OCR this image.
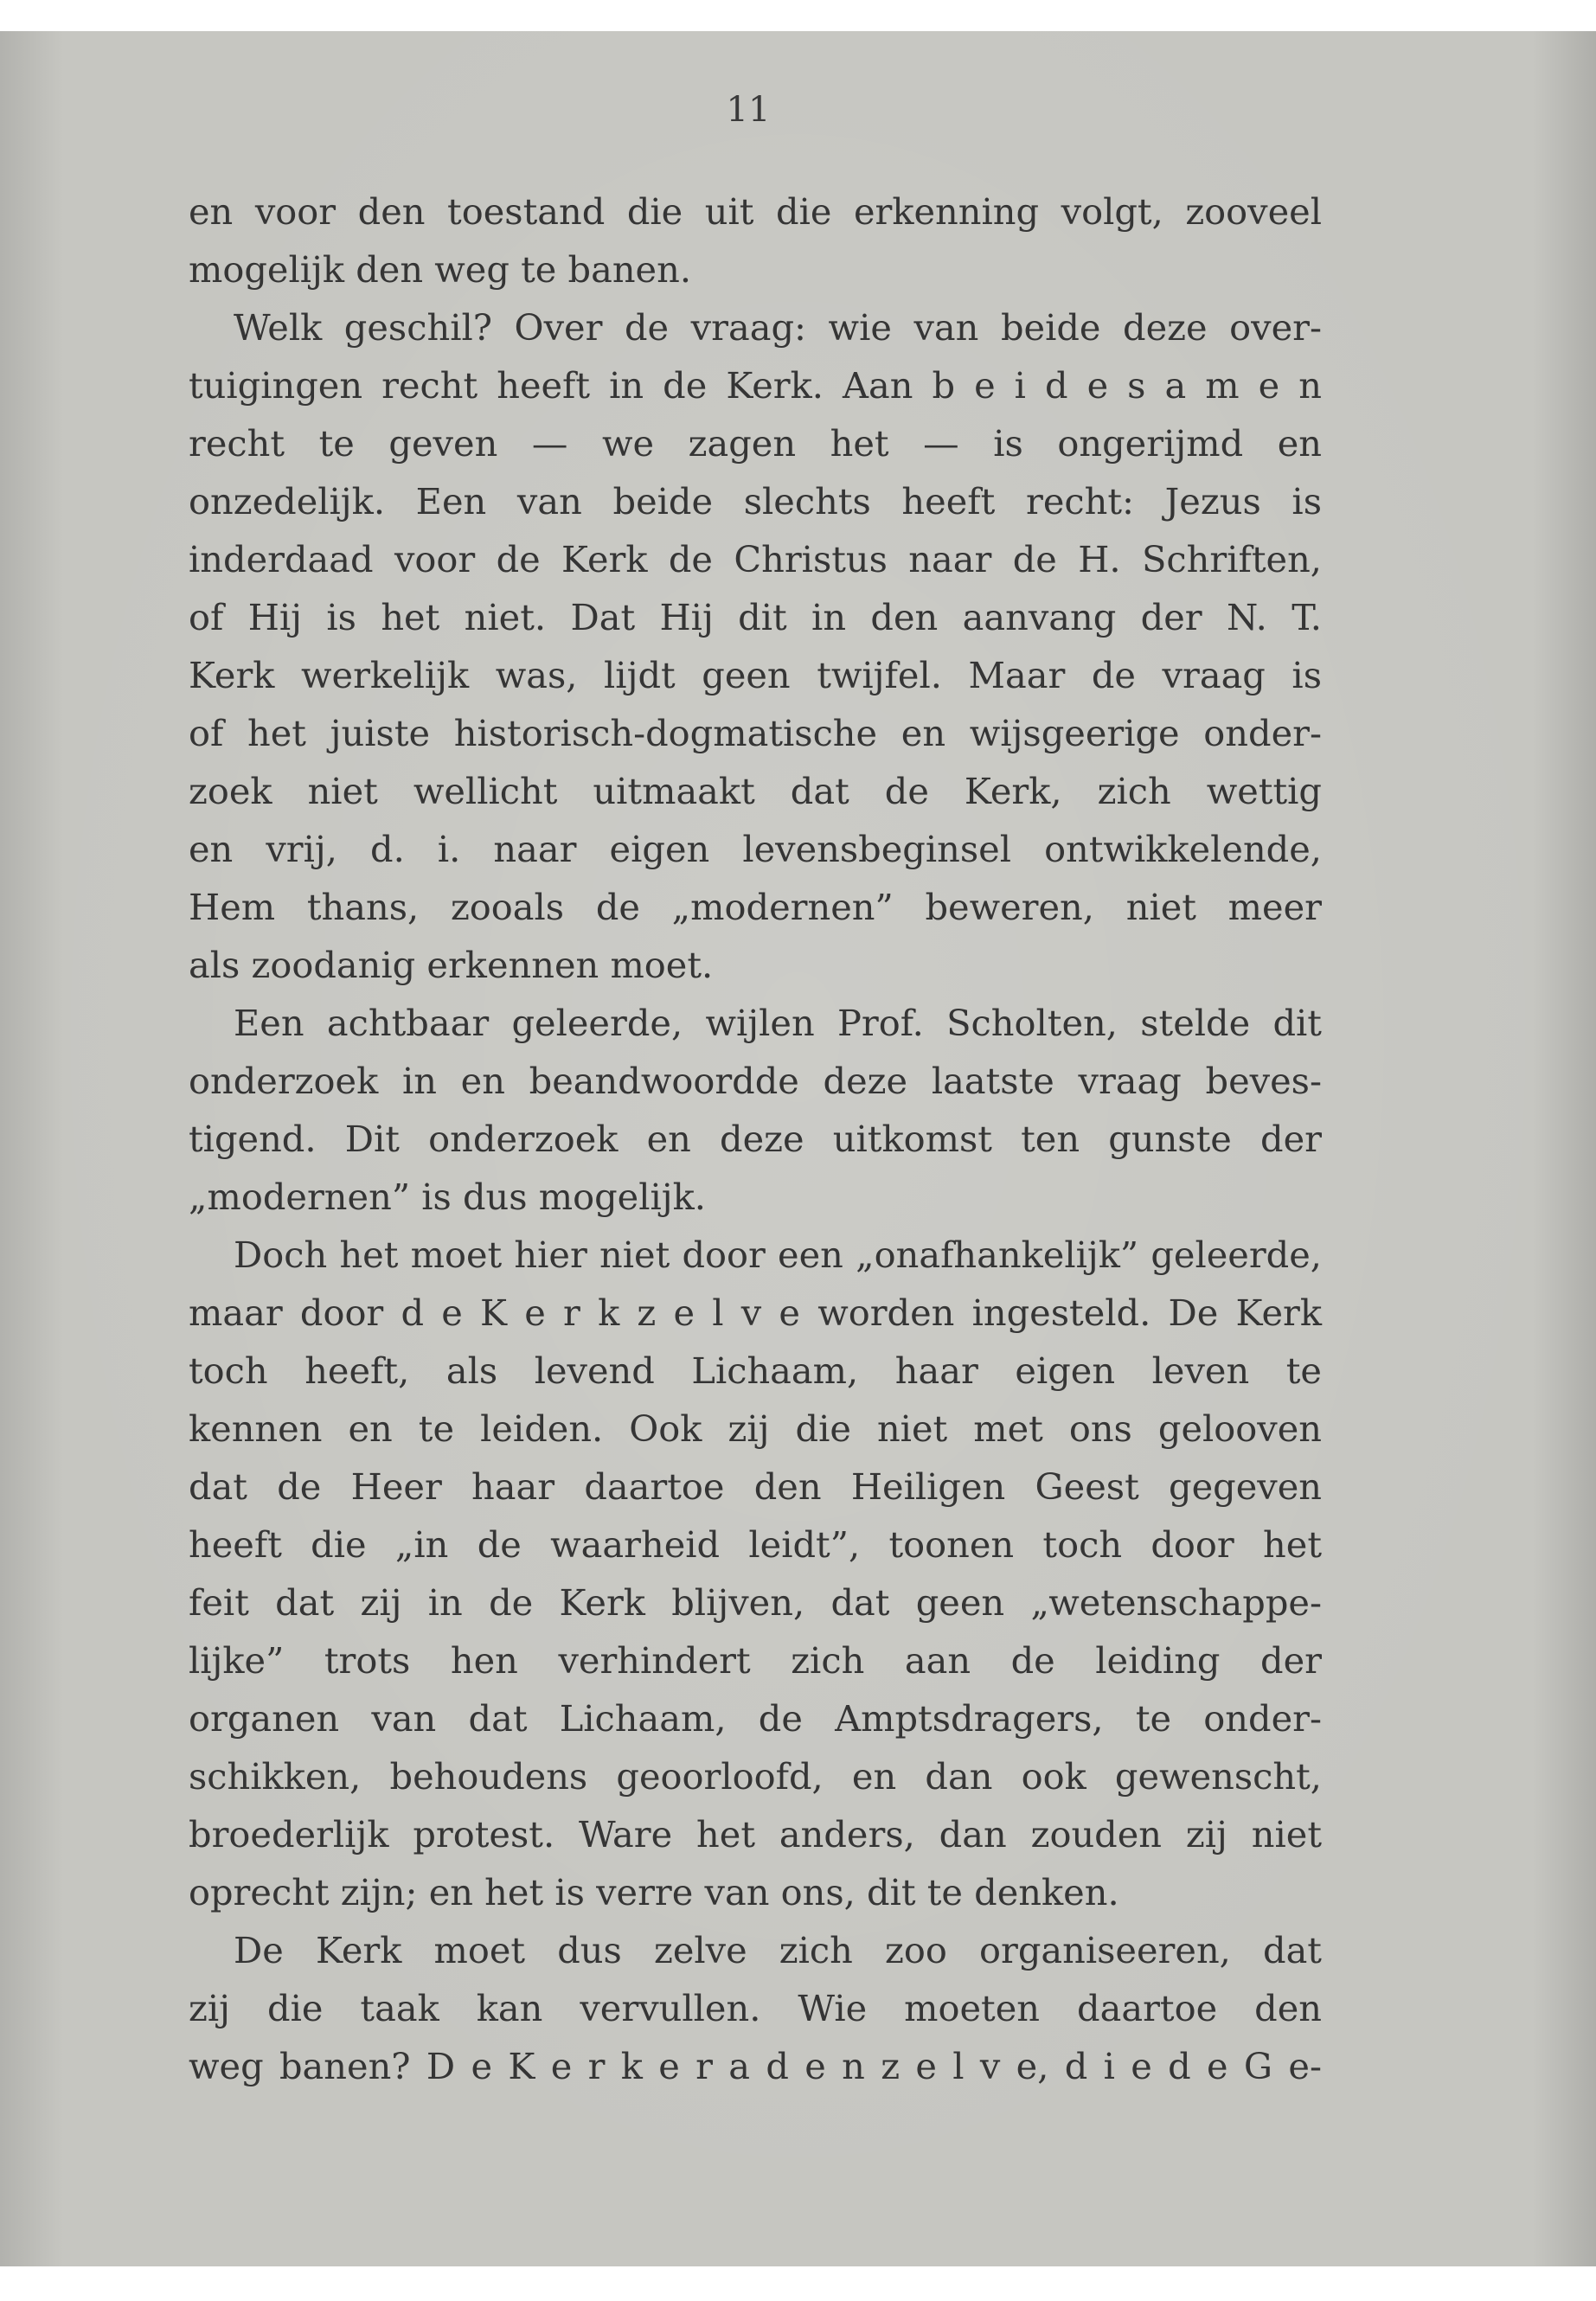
11
en voor den toestand die uit die erkenning volgt, zooveel
mogelijk den weg te banen.
Welk geschil? Over de vraag: wie van beide deze over-
tuigingen recht heeft in de Kerk. Aan b e i d e s a m e n
recht te geven — we zagen het — is ongerijmd en
onzedelijk. Een van beide slechts heeft recht: Jezus is
inderdaad voor de Kerk de Christus naar de H. Schriften,
of Hij is het niet. Dat Hij dit in den aanvang der N. T.
Kerk werkelijk was, lijdt geen twijfel. Maar de vraag is
of het juiste historisch-dogmatische en wijsgeerige onder-
zoek niet wellicht uitmaakt dat de Kerk, zich wettig
en vrij, d. i. naar eigen levensbeginsel ontwikkelende,
Hem thans, zooals de „modernen” beweren, niet meer
als zoodanig erkennen moet.
Een achtbaar geleerde, wijlen Prof. Scholten, stelde dit
onderzoek in en beandwoordde deze laatste vraag beves-
tigend. Dit onderzoek en deze uitkomst ten gunste der
„modernen” is dus mogelijk.
Doch het moet hier niet door een „onafhankelijk” geleerde,
maar door d e K e r k z e l v e worden ingesteld. De Kerk
toch heeft, als levend Lichaam, haar eigen leven te
kennen en te leiden. Ook zij die niet met ons gelooven
dat de Heer haar daartoe den Heiligen Geest gegeven
heeft die „in de waarheid leidt”, toonen toch door het
feit dat zij in de Kerk blijven, dat geen „wetenschappe-
lijke” trots hen verhindert zich aan de leiding der
organen van dat Lichaam, de Amptsdragers, te onder-
schikken, behoudens geoorloofd, en dan ook gewenscht,
broederlijk protest. Ware het anders, dan zouden zij niet
oprecht zijn; en het is verre van ons, dit te denken.
De Kerk moet dus zelve zich zoo organiseeren, dat
zij die taak kan vervullen. Wie moeten daartoe den
weg banen? D e K e r k e r a d e n z e l v e, d i e d e G e-
